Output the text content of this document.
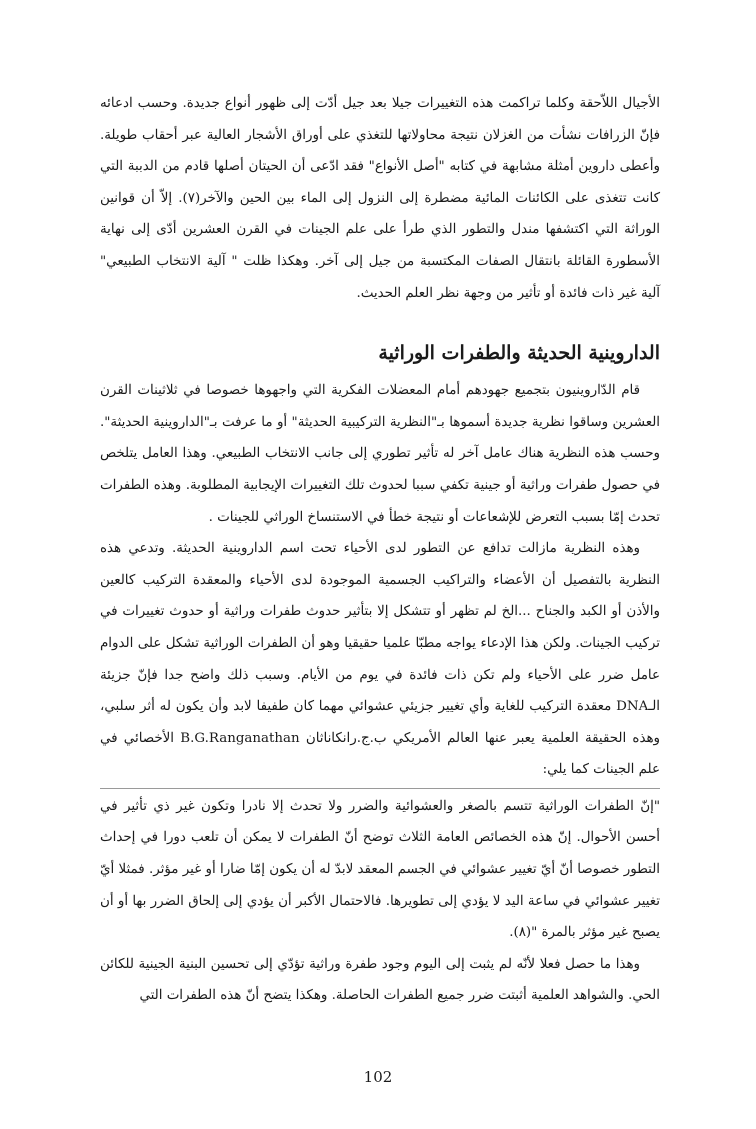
الأجيال اللاّحقة وكلما تراكمت هذه التغييرات جيلا بعد جيل أدّت إلى ظهور أنواع جديدة. وحسب ادعائه فإنّ الزرافات نشأت من الغزلان نتيجة محاولاتها للتغذي على أوراق الأشجار العالية عبر أحقاب طويلة. وأعطى داروين أمثلة مشابهة في كتابه "أصل الأنواع" فقد ادّعى أن الحيتان أصلها قادم من الدببة التي كانت تتغذى على الكائنات المائية مضطرة إلى النزول إلى الماء بين الحين والآخر(٧). إلاّ أن قوانين الوراثة التي اكتشفها مندل والتطور الذي طرأ على علم الجينات في القرن العشرين أدّى إلى نهاية الأسطورة القائلة بانتقال الصفات المكتسبة من جيل إلى آخر. وهكذا ظلت " آلية الانتخاب الطبيعي" آلية غير ذات فائدة أو تأثير من وجهة نظر العلم الحديث.

الداروينية الحديثة والطفرات الوراثية

قام الدّاروينيون بتجميع جهودهم أمام المعضلات الفكرية التي واجهوها خصوصا في ثلاثينات القرن العشرين وساقوا نظرية جديدة أسموها بـ"النظرية التركيبية الحديثة" أو ما عرفت بـ"الداروينية الحديثة". وحسب هذه النظرية هناك عامل آخر له تأثير تطوري إلى جانب الانتخاب الطبيعي. وهذا العامل يتلخص في حصول طفرات وراثية أو جينية تكفي سببا لحدوث تلك التغييرات الإيجابية المطلوبة. وهذه الطفرات تحدث إمّا بسبب التعرض للإشعاعات أو نتيجة خطأ في الاستنساخ الوراثي للجينات .

وهذه النظرية مازالت تدافع عن التطور لدى الأحياء تحت اسم الداروينية الحديثة. وتدعي هذه النظرية بالتفصيل أن الأعضاء والتراكيب الجسمية الموجودة لدى الأحياء والمعقدة التركيب كالعين والأذن أو الكبد والجناح ...الخ لم تظهر أو تتشكل إلا بتأثير حدوث طفرات وراثية أو حدوث تغييرات في تركيب الجينات. ولكن هذا الإدعاء يواجه مطبّا علميا حقيقيا وهو أن الطفرات الوراثية تشكل على الدوام عامل ضرر على الأحياء ولم تكن ذات فائدة في يوم من الأيام. وسبب ذلك واضح جدا فإنّ جزيئة الـDNA معقدة التركيب للغاية وأي تغيير جزيئي عشوائي مهما كان طفيفا لابد وأن يكون له أثر سلبي، وهذه الحقيقة العلمية يعبر عنها العالم الأمريكي ب.ج.رانكاناثان B.G.Ranganathan الأخصائي في علم الجينات كما يلي:

"إنّ الطفرات الوراثية تتسم بالصغر والعشوائية والضرر ولا تحدث إلا نادرا وتكون غير ذي تأثير في أحسن الأحوال. إنّ هذه الخصائص العامة الثلاث توضح أنّ الطفرات لا يمكن أن تلعب دورا في إحداث التطور خصوصا أنّ أيّ تغيير عشوائي في الجسم المعقد لابدّ له أن يكون إمّا ضارا أو غير مؤثر. فمثلا أيّ تغيير عشوائي في ساعة اليد لا يؤدي إلى تطويرها. فالاحتمال الأكبر أن يؤدي إلى إلحاق الضرر بها أو أن يصبح غير مؤثر بالمرة "(٨).

وهذا ما حصل فعلا لأنّه لم يثبت إلى اليوم وجود طفرة وراثية تؤدّي إلى تحسين البنية الجينية للكائن الحي. والشواهد العلمية أثبتت ضرر جميع الطفرات الحاصلة. وهكذا يتضح أنّ هذه الطفرات التي

102
